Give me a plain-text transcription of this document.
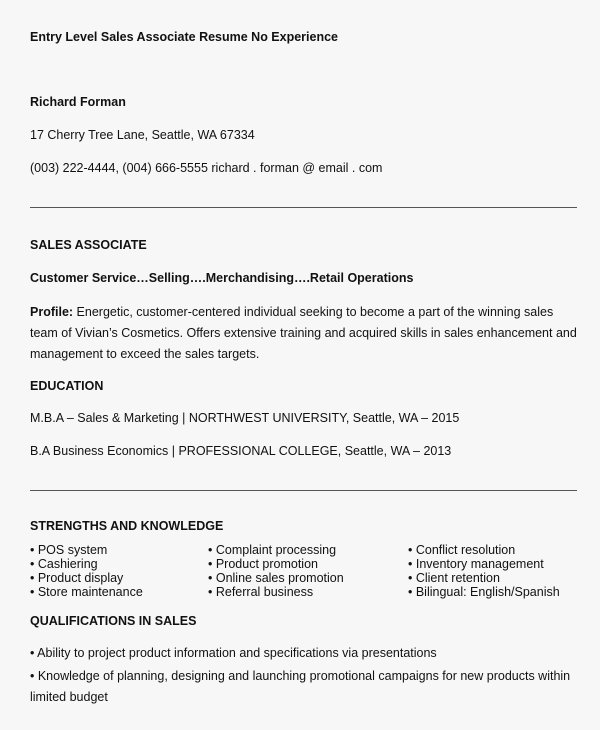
Entry Level Sales Associate Resume No Experience
Richard Forman
17 Cherry Tree Lane, Seattle, WA 67334
(003) 222-4444, (004) 666-5555 richard . forman @ email . com
SALES ASSOCIATE
Customer Service…Selling….Merchandising….Retail Operations
Profile: Energetic, customer-centered individual seeking to become a part of the winning sales team of Vivian’s Cosmetics. Offers extensive training and acquired skills in sales enhancement and management to exceed the sales targets.
EDUCATION
M.B.A – Sales & Marketing | NORTHWEST UNIVERSITY, Seattle, WA – 2015
B.A Business Economics | PROFESSIONAL COLLEGE, Seattle, WA – 2013
STRENGTHS AND KNOWLEDGE
• POS system
• Cashiering
• Product display
• Store maintenance
• Complaint processing
• Product promotion
• Online sales promotion
• Referral business
• Conflict resolution
• Inventory management
• Client retention
• Bilingual: English/Spanish
QUALIFICATIONS IN SALES
• Ability to project product information and specifications via presentations
• Knowledge of planning, designing and launching promotional campaigns for new products within limited budget
